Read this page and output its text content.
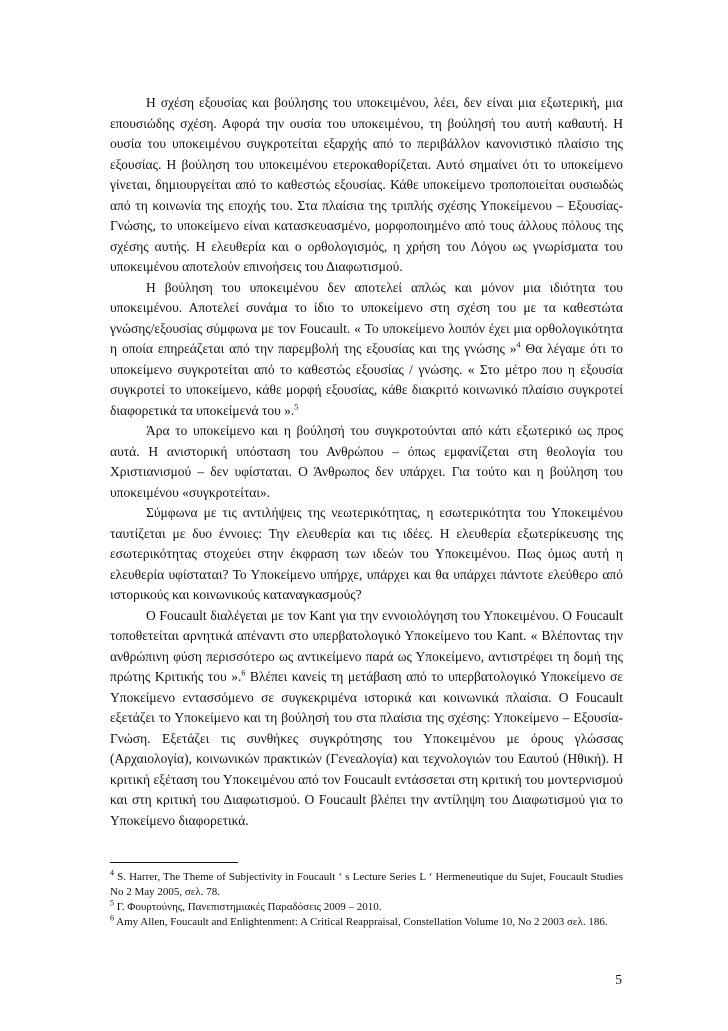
Η σχέση εξουσίας και βούλησης του υποκειμένου, λέει, δεν είναι μια εξωτερική, μια επουσιώδης σχέση. Αφορά την ουσία του υποκειμένου, τη βούλησή του αυτή καθαυτή. Η ουσία του υποκειμένου συγκροτείται εξαρχής από το περιβάλλον κανονιστικό πλαίσιο της εξουσίας. Η βούληση του υποκειμένου ετεροκαθορίζεται. Αυτό σημαίνει ότι το υποκείμενο γίνεται, δημιουργείται από το καθεστώς εξουσίας. Κάθε υποκείμενο τροποποιείται ουσιωδώς από τη κοινωνία της εποχής του. Στα πλαίσια της τριπλής σχέσης Υποκείμενου – Εξουσίας- Γνώσης, το υποκείμενο είναι κατασκευασμένο, μορφοποιημένο από τους άλλους πόλους της σχέσης αυτής. Η ελευθερία και ο ορθολογισμός, η χρήση του Λόγου ως γνωρίσματα του υποκειμένου αποτελούν επινοήσεις του Διαφωτισμού.

Η βούληση του υποκειμένου δεν αποτελεί απλώς και μόνον μια ιδιότητα του υποκειμένου. Αποτελεί συνάμα το ίδιο το υποκείμενο στη σχέση του με τα καθεστώτα γνώσης/εξουσίας σύμφωνα με τον Foucault. « Το υποκείμενο λοιπόν έχει μια ορθολογικότητα η οποία επηρεάζεται από την παρεμβολή της εξουσίας και της γνώσης »$^4$ Θα λέγαμε ότι το υποκείμενο συγκροτείται από το καθεστώς εξουσίας / γνώσης. « Στο μέτρο που η εξουσία συγκροτεί το υποκείμενο, κάθε μορφή εξουσίας, κάθε διακριτό κοινωνικό πλαίσιο συγκροτεί διαφορετικά τα υποκείμενά του ».$^5$

Άρα το υποκείμενο και η βούλησή του συγκροτούνται από κάτι εξωτερικό ως προς αυτά. Η ανιστορική υπόσταση του Ανθρώπου – όπως εμφανίζεται στη θεολογία του Χριστιανισμού – δεν υφίσταται. Ο Άνθρωπος δεν υπάρχει. Για τούτο και η βούληση του υποκειμένου «συγκροτείται».

Σύμφωνα με τις αντιλήψεις της νεωτερικότητας, η εσωτερικότητα του Υποκειμένου ταυτίζεται με δυο έννοιες: Την ελευθερία και τις ιδέες. Η ελευθερία εξωτερίκευσης της εσωτερικότητας στοχεύει στην έκφραση των ιδεών του Υποκειμένου. Πως όμως αυτή η ελευθερία υφίσταται? Το Υποκείμενο υπήρχε, υπάρχει και θα υπάρχει πάντοτε ελεύθερο από ιστορικούς και κοινωνικούς καταναγκασμούς?

Ο Foucault διαλέγεται με τον Kant για την εννοιολόγηση του Υποκειμένου. Ο Foucault τοποθετείται αρνητικά απέναντι στο υπερβατολογικό Υποκείμενο του Kant. « Βλέποντας την ανθρώπινη φύση περισσότερο ως αντικείμενο παρά ως Υποκείμενο, αντιστρέφει τη δομή της πρώτης Κριτικής του ».$^6$ Βλέπει κανείς τη μετάβαση από το υπερβατολογικό Υποκείμενο σε Υποκείμενο εντασσόμενο σε συγκεκριμένα ιστορικά και κοινωνικά πλαίσια. Ο Foucault εξετάζει το Υποκείμενο και τη βούλησή του στα πλαίσια της σχέσης: Υποκείμενο – Εξουσία- Γνώση. Εξετάζει τις συνθήκες συγκρότησης του Υποκειμένου με όρους γλώσσας (Αρχαιολογία), κοινωνικών πρακτικών (Γενεαλογία) και τεχνολογιών του Εαυτού (Ηθική). Η κριτική εξέταση του Υποκειμένου από τον Foucault εντάσσεται στη κριτική του μοντερνισμού και στη κριτική του Διαφωτισμού. Ο Foucault βλέπει την αντίληψη του Διαφωτισμού για το Υποκείμενο διαφορετικά.

$^4$ S. Harrer, The Theme of Subjectivity in Foucault ‘ s Lecture Series L ‘ Hermeneutique du Sujet, Foucault Studies No 2 May 2005, σελ. 78.

$^5$ Γ. Φουρτούνης, Πανεπιστημιακές Παραδόσεις 2009 – 2010.

$^6$ Amy Allen, Foucault and Enlightenment: A Critical Reappraisal, Constellation Volume 10, No 2 2003 σελ. 186.

5
